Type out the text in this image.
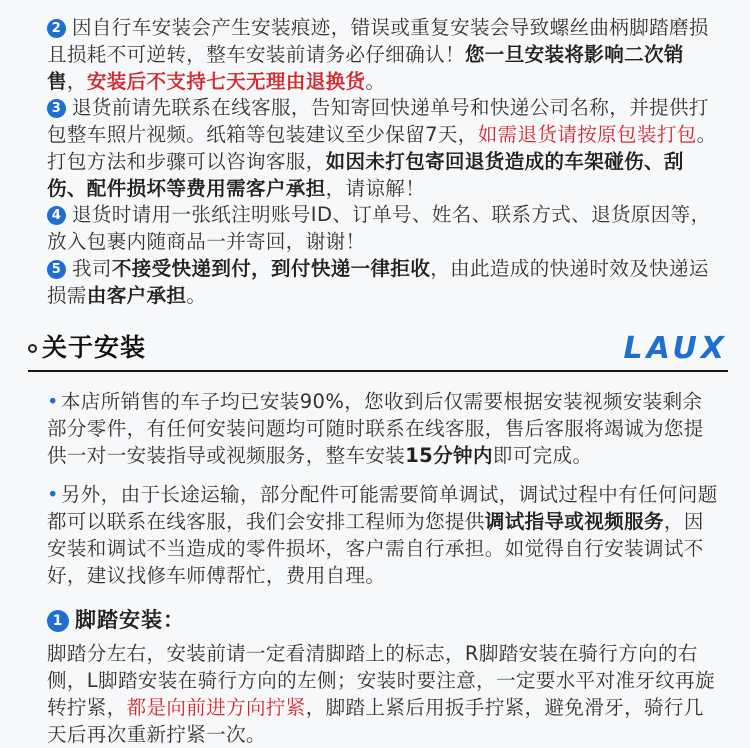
2 因自行车安装会产生安装痕迹，错误或重复安装会导致螺丝曲柄脚踏磨损且损耗不可逆转，整车安装前请务必仔细确认！您一旦安装将影响二次销售，安装后不支持七天无理由退换货。

3 退货前请先联系在线客服，告知寄回快递单号和快递公司名称，并提供打包整车照片视频。纸箱等包装建议至少保留7天，如需退货请按原包装打包。打包方法和步骤可以咨询客服，如因未打包寄回退货造成的车架碰伤、刮伤、配件损坏等费用需客户承担，请谅解！

4 退货时请用一张纸注明账号ID、订单号、姓名、联系方式、退货原因等，放入包裹内随商品一并寄回，谢谢！

5 我司不接受快递到付，到付快递一律拒收，由此造成的快递时效及快递运损需由客户承担。

关于安装	LAUX

• 本店所销售的车子均已安装90%，您收到后仅需要根据安装视频安装剩余部分零件，有任何安装问题均可随时联系在线客服，售后客服将竭诚为您提供一对一安装指导或视频服务，整车安装15分钟内即可完成。

• 另外，由于长途运输，部分配件可能需要简单调试，调试过程中有任何问题都可以联系在线客服，我们会安排工程师为您提供调试指导或视频服务，因安装和调试不当造成的零件损坏，客户需自行承担。如觉得自行安装调试不好，建议找修车师傅帮忙，费用自理。

1 脚踏安装：

脚踏分左右，安装前请一定看清脚踏上的标志，R脚踏安装在骑行方向的右侧，L脚踏安装在骑行方向的左侧；安装时要注意，一定要水平对准牙纹再旋转拧紧，都是向前进方向拧紧，脚踏上紧后用扳手拧紧，避免滑牙，骑行几天后再次重新拧紧一次。
